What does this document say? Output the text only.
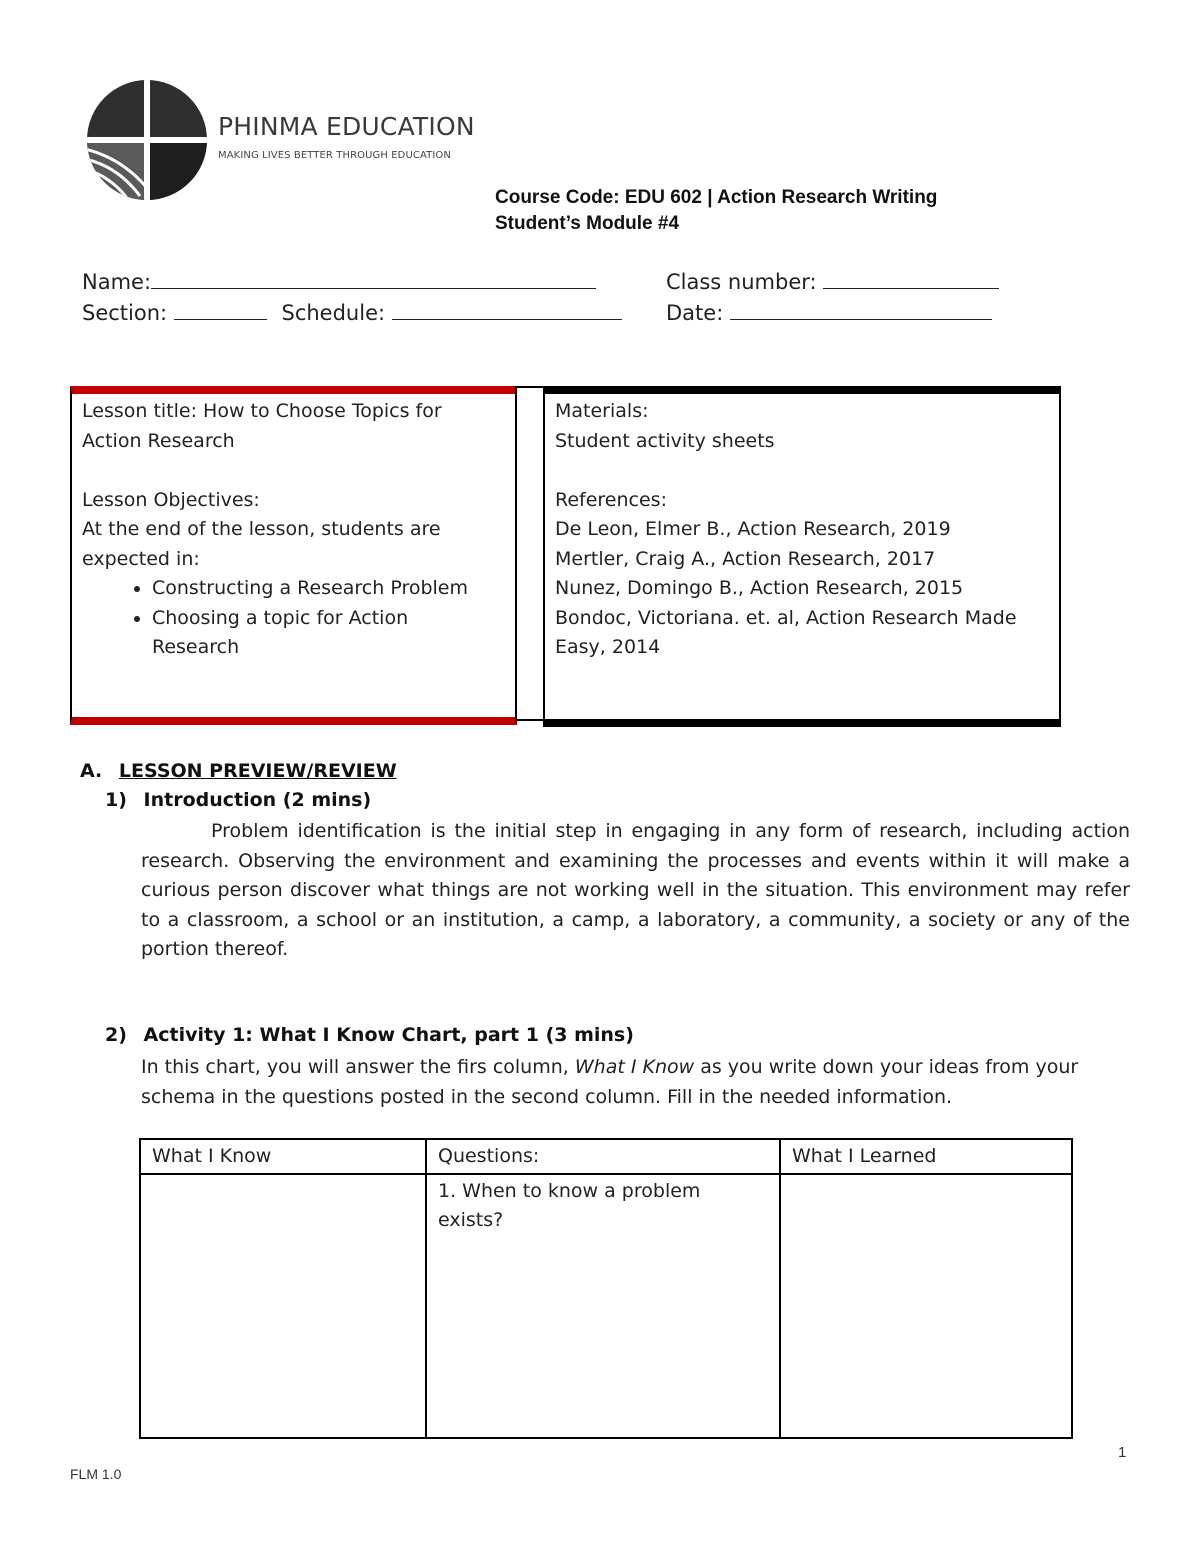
PHINMA EDUCATION
MAKING LIVES BETTER THROUGH EDUCATION
Course Code: EDU 602 | Action Research Writing
Student’s Module #4
Name:	Class number:
Section:	Schedule:	Date:

Lesson title: How to Choose Topics for

Action Research

Lesson Objectives:

At the end of the lesson, students are

expected in:

• Constructing a Research Problem
• Choosing a topic for Action Research

Materials:

Student activity sheets

References:

De Leon, Elmer B., Action Research, 2019

Mertler, Craig A., Action Research, 2017

Nunez, Domingo B., Action Research, 2015

Bondoc, Victoriana. et. al, Action Research Made Easy, 2014

A. LESSON PREVIEW/REVIEW
1) Introduction (2 mins)
Problem identification is the initial step in engaging in any form of research, including action research. Observing the environment and examining the processes and events within it will make a curious person discover what things are not working well in the situation. This environment may refer to a classroom, a school or an institution, a camp, a laboratory, a community, a society or any of the portion thereof.
2) Activity 1: What I Know Chart, part 1 (3 mins)
In this chart, you will answer the firs column, What I Know as you write down your ideas from your schema in the questions posted in the second column. Fill in the needed information.
What I Know	Questions:	What I Learned
	1. When to know a problem exists?	
1
FLM 1.0
